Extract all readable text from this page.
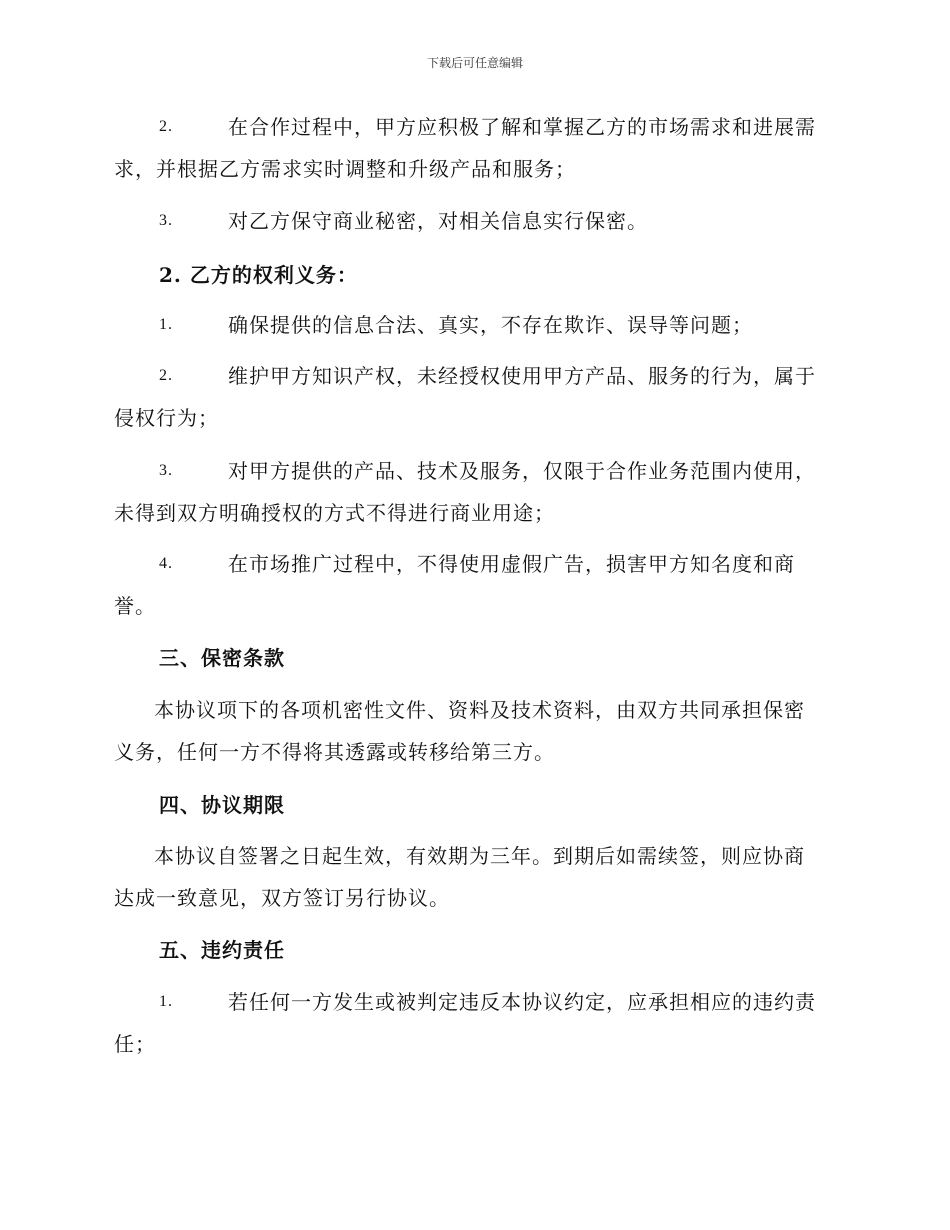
下载后可任意编辑
2.	在合作过程中，甲方应积极了解和掌握乙方的市场需求和进展需
求，并根据乙方需求实时调整和升级产品和服务；
3.	对乙方保守商业秘密，对相关信息实行保密。
2. 乙方的权利义务：
1.	确保提供的信息合法、真实，不存在欺诈、误导等问题；
2.	维护甲方知识产权，未经授权使用甲方产品、服务的行为，属于
侵权行为；
3.	对甲方提供的产品、技术及服务，仅限于合作业务范围内使用，
未得到双方明确授权的方式不得进行商业用途；
4.	在市场推广过程中，不得使用虚假广告，损害甲方知名度和商
誉。
三、保密条款
本协议项下的各项机密性文件、资料及技术资料，由双方共同承担保密
义务，任何一方不得将其透露或转移给第三方。
四、协议期限
本协议自签署之日起生效，有效期为三年。到期后如需续签，则应协商
达成一致意见，双方签订另行协议。
五、违约责任
1.	若任何一方发生或被判定违反本协议约定，应承担相应的违约责
任；
